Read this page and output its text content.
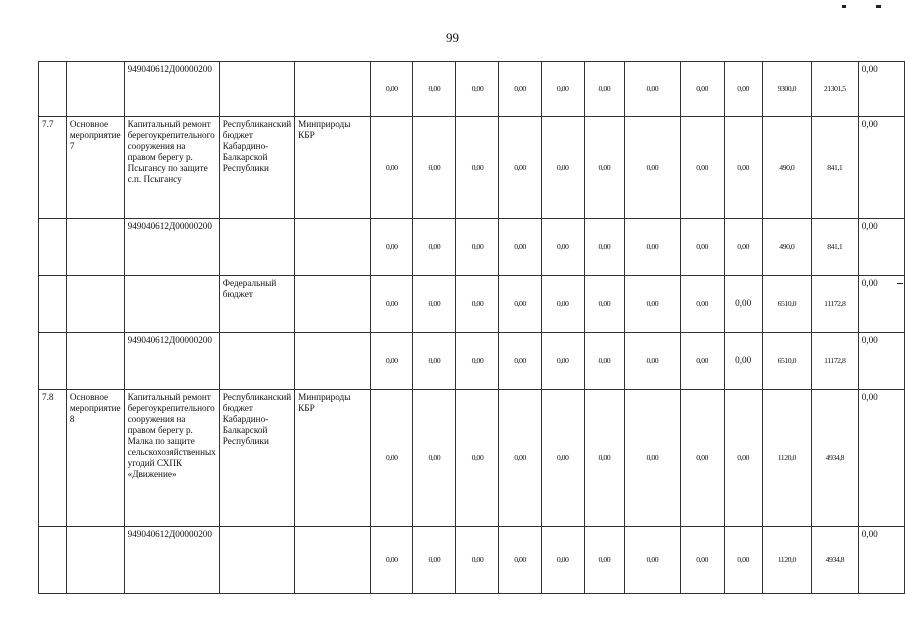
99
		949040612Д00000200			0,00	0,00	0,00	0,00	0,00	0,00	0,00	0,00	0,00	9300,0	21301,5	0,00
7.7	Основное мероприятие 7	Капитальный ремонт берегоукрепительного сооружения на правом берегу р. Псыгансу по защите с.п. Псыгансу	Республиканский бюджет Кабардино-Балкарской Республики	Минприроды КБР	0,00	0,00	0,00	0,00	0,00	0,00	0,00	0,00	0,00	490,0	841,1	0,00
		949040612Д00000200			0,00	0,00	0,00	0,00	0,00	0,00	0,00	0,00	0,00	490,0	841,1	0,00
			Федеральный бюджет		0,00	0,00	0,00	0,00	0,00	0,00	0,00	0,00	0,00	6510,0	11172,8	0,00
		949040612Д00000200			0,00	0,00	0,00	0,00	0,00	0,00	0,00	0,00	0,00	6510,0	11172,8	0,00
7.8	Основное мероприятие 8	Капитальный ремонт берегоукрепительного сооружения на правом берегу р. Малка по защите сельскохозяйственных угодий СХПК «Движение»	Республиканский бюджет Кабардино-Балкарской Республики	Минприроды КБР	0,00	0,00	0,00	0,00	0,00	0,00	0,00	0,00	0,00	1120,0	4934,8	0,00
		949040612Д00000200			0,00	0,00	0,00	0,00	0,00	0,00	0,00	0,00	0,00	1120,0	4934,8	0,00
